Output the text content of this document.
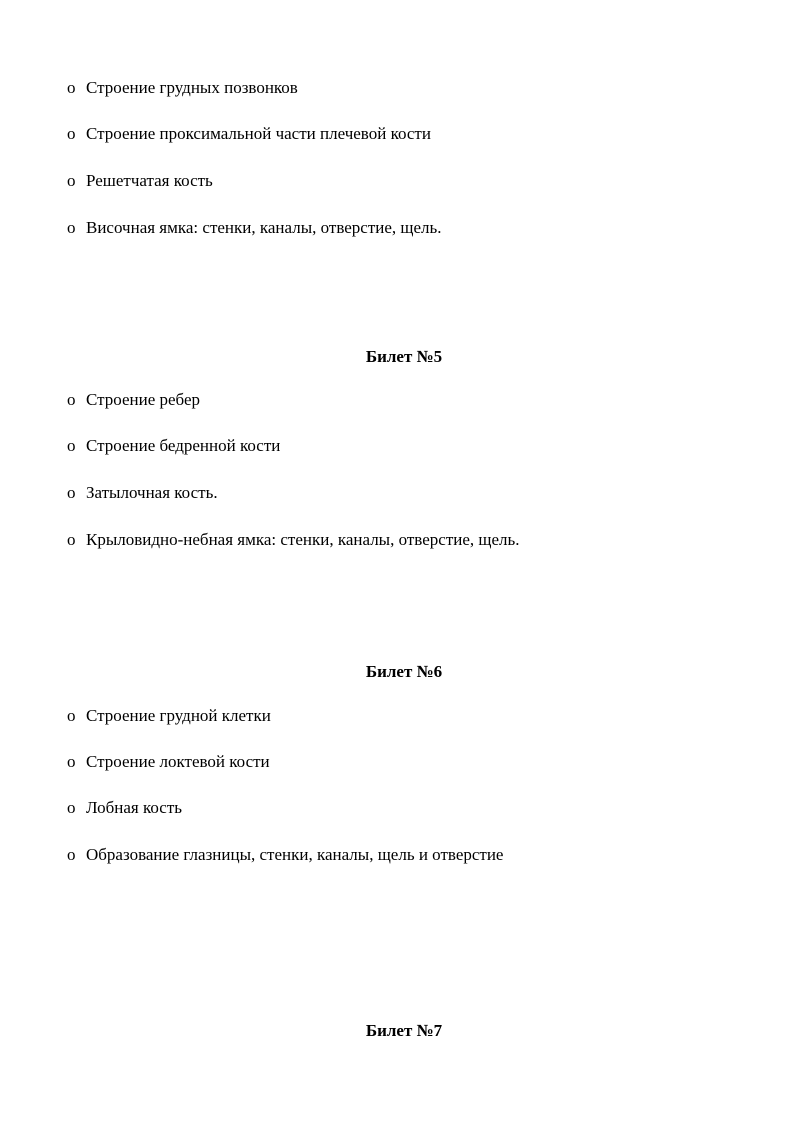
o Строение грудных позвонков
o Строение проксимальной части плечевой кости
o Решетчатая кость
o Височная ямка: стенки, каналы, отверстие, щель.
Билет №5
o Строение ребер
o Строение бедренной кости
o Затылочная кость.
o Крыловидно-небная ямка: стенки, каналы, отверстие, щель.
Билет №6
o Строение грудной клетки
o Строение локтевой кости
o Лобная кость
o Образование глазницы, стенки, каналы, щель и отверстие
Билет №7
